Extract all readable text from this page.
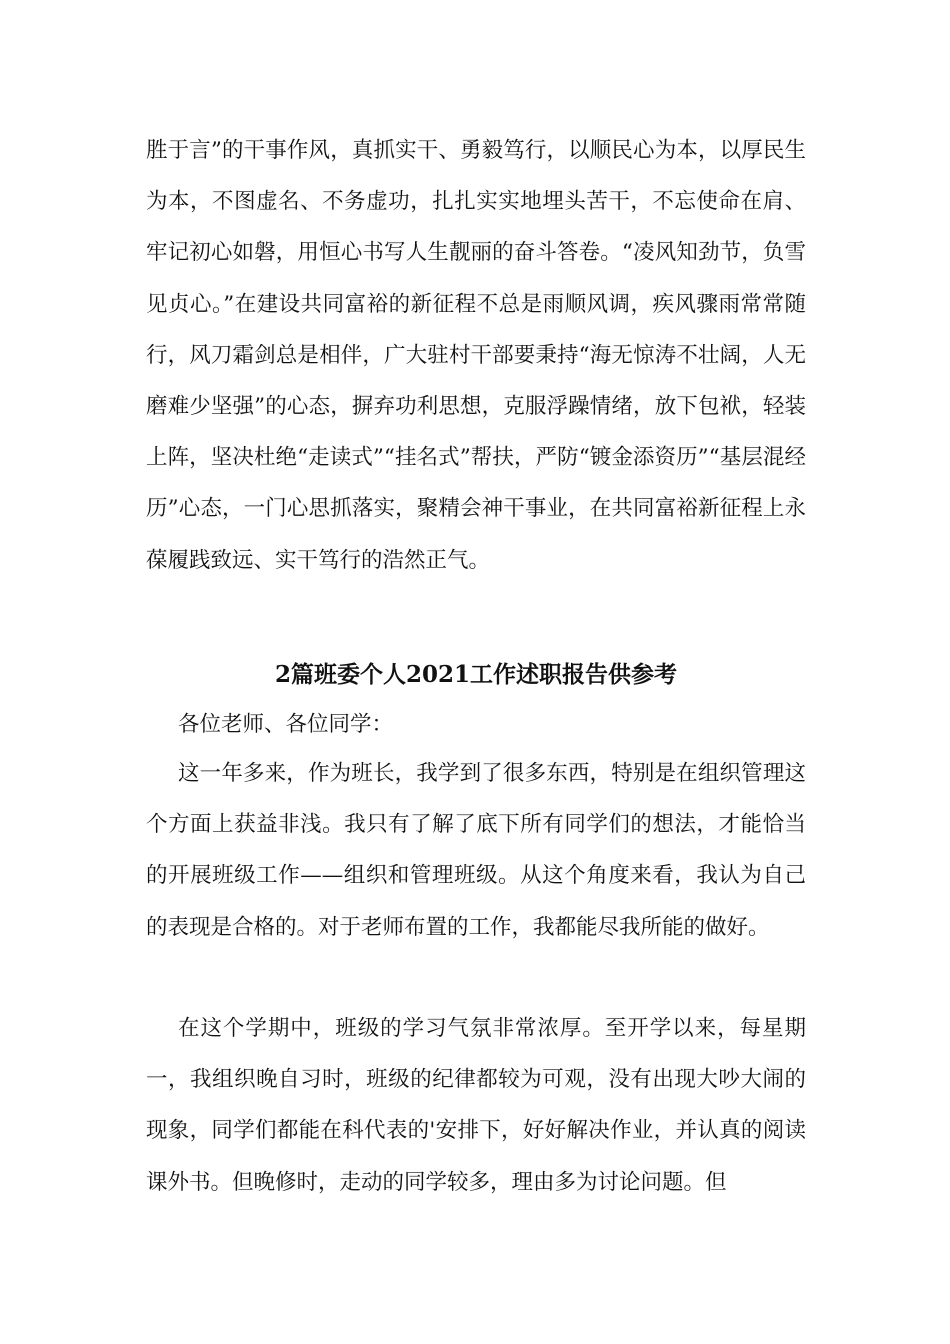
胜于言”的干事作风，真抓实干、勇毅笃行，以顺民心为本，以厚民生为本，不图虚名、不务虚功，扎扎实实地埋头苦干，不忘使命在肩、牢记初心如磐，用恒心书写人生靓丽的奋斗答卷。“凌风知劲节，负雪见贞心。”在建设共同富裕的新征程不总是雨顺风调，疾风骤雨常常随行，风刀霜剑总是相伴，广大驻村干部要秉持“海无惊涛不壮阔，人无磨难少坚强”的心态，摒弃功利思想，克服浮躁情绪，放下包袱，轻装上阵，坚决杜绝“走读式”“挂名式”帮扶，严防“镀金添资历”“基层混经历”心态，一门心思抓落实，聚精会神干事业，在共同富裕新征程上永葆履践致远、实干笃行的浩然正气。
2篇班委个人2021工作述职报告供参考
各位老师、各位同学：
这一年多来，作为班长，我学到了很多东西，特别是在组织管理这个方面上获益非浅。我只有了解了底下所有同学们的想法，才能恰当的开展班级工作——组织和管理班级。从这个角度来看，我认为自己的表现是合格的。对于老师布置的工作，我都能尽我所能的做好。
在这个学期中，班级的学习气氛非常浓厚。至开学以来，每星期一，我组织晚自习时，班级的纪律都较为可观，没有出现大吵大闹的现象，同学们都能在科代表的'安排下，好好解决作业，并认真的阅读课外书。但晚修时，走动的同学较多，理由多为讨论问题。但
